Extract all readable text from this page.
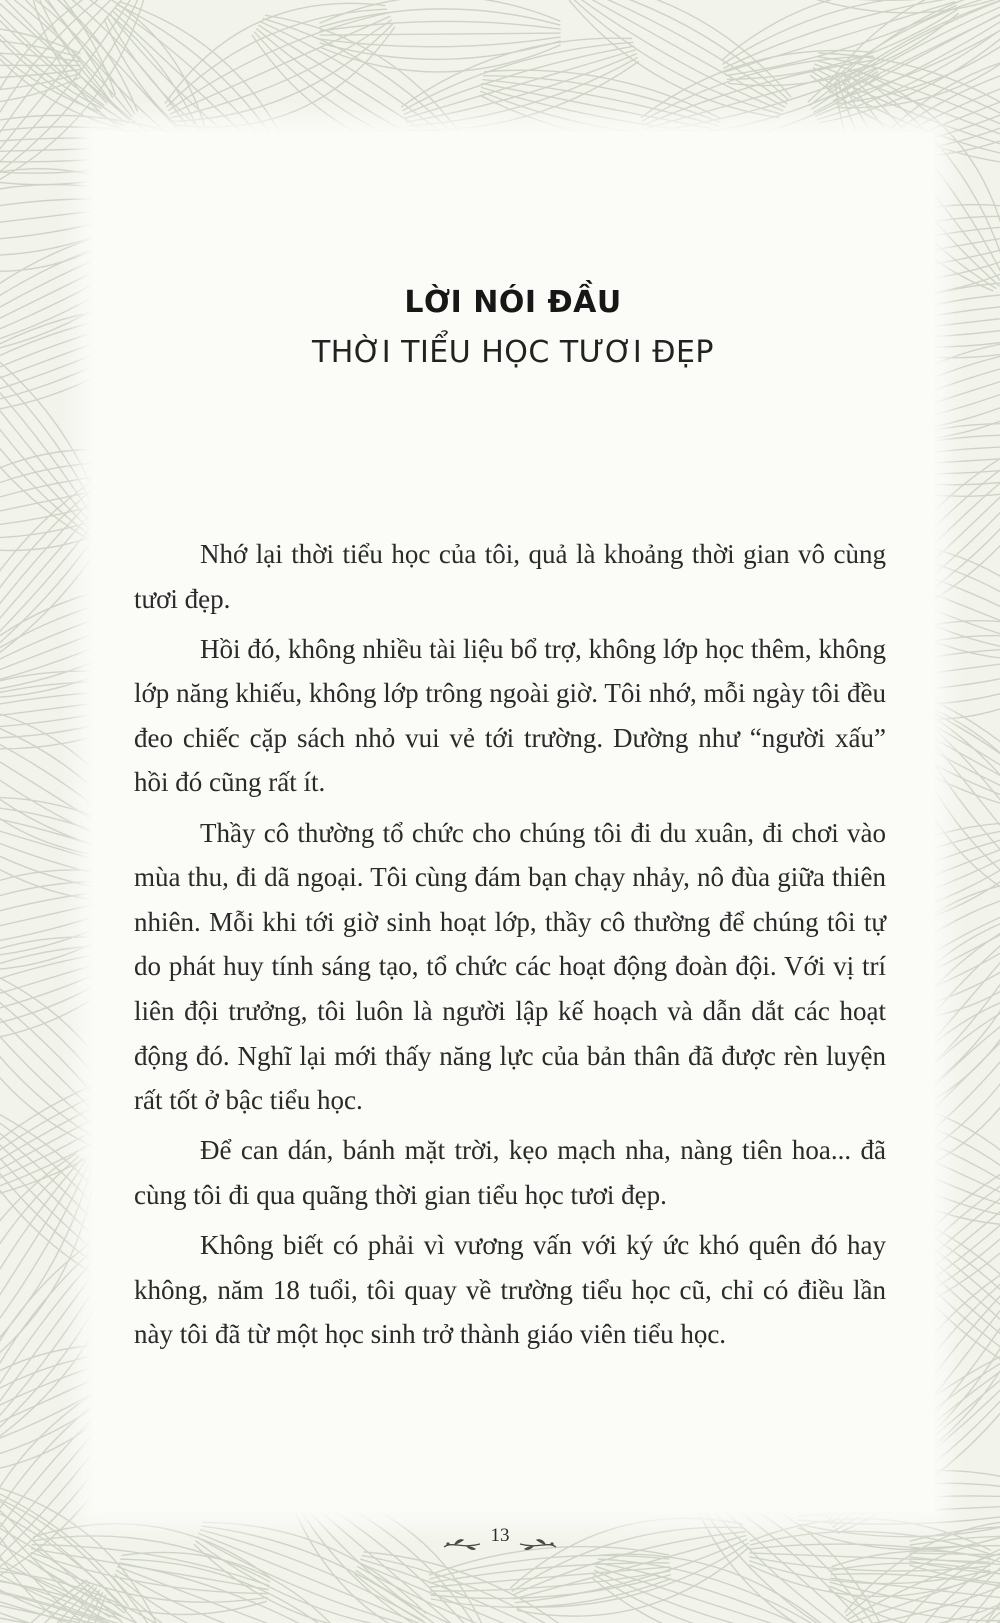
LỜI NÓI ĐẦU
THỜI TIỂU HỌC TƯƠI ĐẸP

Nhớ lại thời tiểu học của tôi, quả là khoảng thời gian vô cùng tươi đẹp.

Hồi đó, không nhiều tài liệu bổ trợ, không lớp học thêm, không lớp năng khiếu, không lớp trông ngoài giờ. Tôi nhớ, mỗi ngày tôi đều đeo chiếc cặp sách nhỏ vui vẻ tới trường. Dường như “người xấu” hồi đó cũng rất ít.

Thầy cô thường tổ chức cho chúng tôi đi du xuân, đi chơi vào mùa thu, đi dã ngoại. Tôi cùng đám bạn chạy nhảy, nô đùa giữa thiên nhiên. Mỗi khi tới giờ sinh hoạt lớp, thầy cô thường để chúng tôi tự do phát huy tính sáng tạo, tổ chức các hoạt động đoàn đội. Với vị trí liên đội trưởng, tôi luôn là người lập kế hoạch và dẫn dắt các hoạt động đó. Nghĩ lại mới thấy năng lực của bản thân đã được rèn luyện rất tốt ở bậc tiểu học.

Để can dán, bánh mặt trời, kẹo mạch nha, nàng tiên hoa... đã cùng tôi đi qua quãng thời gian tiểu học tươi đẹp.

Không biết có phải vì vương vấn với ký ức khó quên đó hay không, năm 18 tuổi, tôi quay về trường tiểu học cũ, chỉ có điều lần này tôi đã từ một học sinh trở thành giáo viên tiểu học.

13
